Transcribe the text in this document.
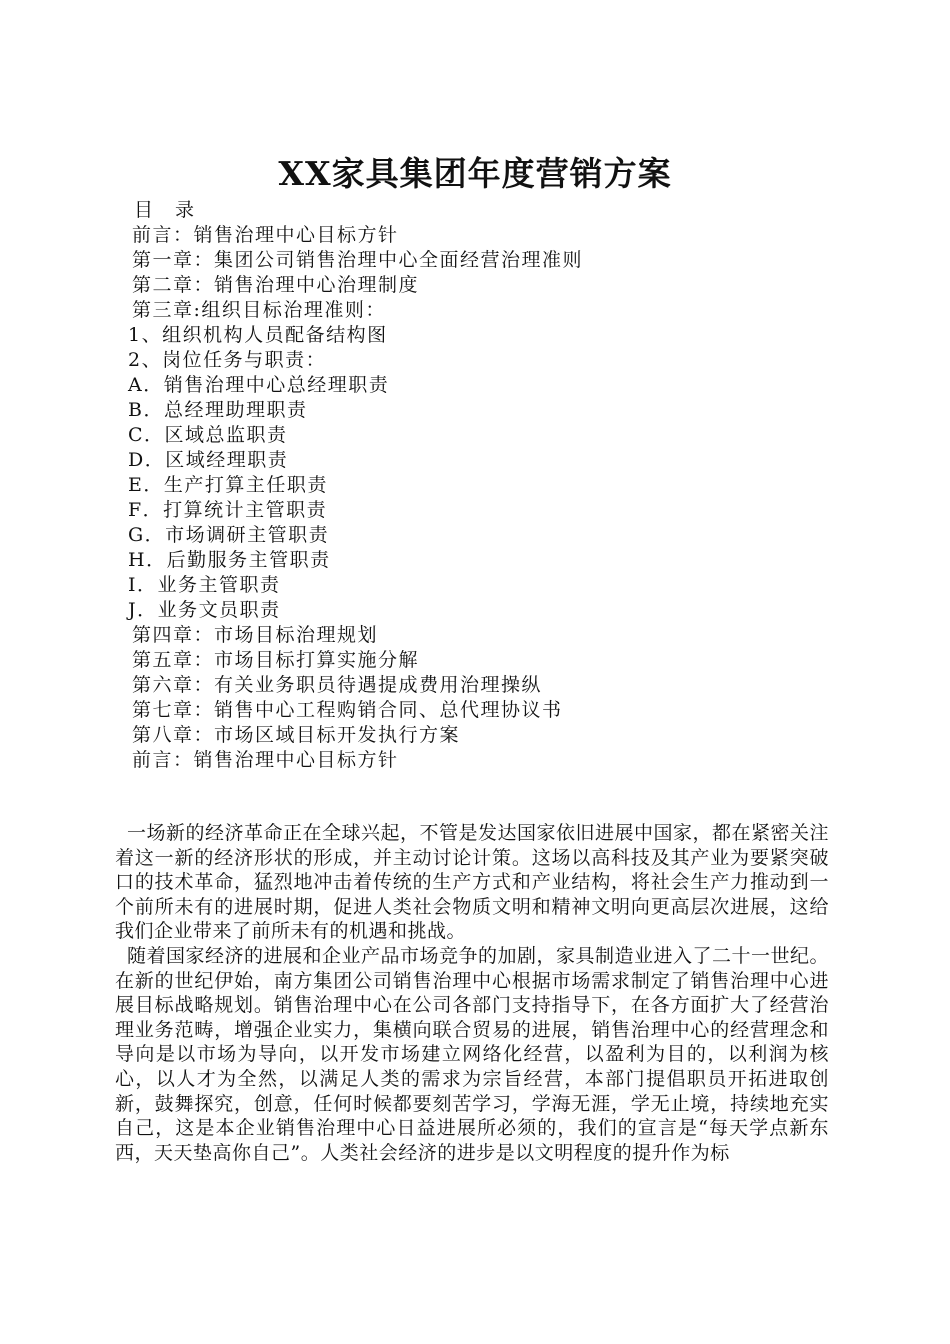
XX家具集团年度营销方案
目 录
前言：销售治理中心目标方针
第一章：集团公司销售治理中心全面经营治理准则
第二章：销售治理中心治理制度
第三章:组织目标治理准则：
1、组织机构人员配备结构图
2、岗位任务与职责：
A．销售治理中心总经理职责
B．总经理助理职责
C．区域总监职责
D．区域经理职责
E．生产打算主任职责
F．打算统计主管职责
G．市场调研主管职责
H．后勤服务主管职责
I．业务主管职责
J．业务文员职责
第四章：市场目标治理规划
第五章：市场目标打算实施分解
第六章：有关业务职员待遇提成费用治理操纵
第七章：销售中心工程购销合同、总代理协议书
第八章：市场区域目标开发执行方案
前言：销售治理中心目标方针

一场新的经济革命正在全球兴起，不管是发达国家依旧进展中国家，都在紧密关注着这一新的经济形状的形成，并主动讨论计策。这场以高科技及其产业为要紧突破口的技术革命，猛烈地冲击着传统的生产方式和产业结构，将社会生产力推动到一个前所未有的进展时期，促进人类社会物质文明和精神文明向更高层次进展，这给我们企业带来了前所未有的机遇和挑战。

随着国家经济的进展和企业产品市场竞争的加剧，家具制造业进入了二十一世纪。在新的世纪伊始，南方集团公司销售治理中心根据市场需求制定了销售治理中心进展目标战略规划。销售治理中心在公司各部门支持指导下，在各方面扩大了经营治理业务范畴，增强企业实力，集横向联合贸易的进展，销售治理中心的经营理念和导向是以市场为导向，以开发市场建立网络化经营，以盈利为目的，以利润为核心，以人才为全然，以满足人类的需求为宗旨经营，本部门提倡职员开拓进取创新，鼓舞探究，创意，任何时候都要刻苦学习，学海无涯，学无止境，持续地充实自己，这是本企业销售治理中心日益进展所必须的，我们的宣言是“每天学点新东西，天天垫高你自己”。人类社会经济的进步是以文明程度的提升作为标
